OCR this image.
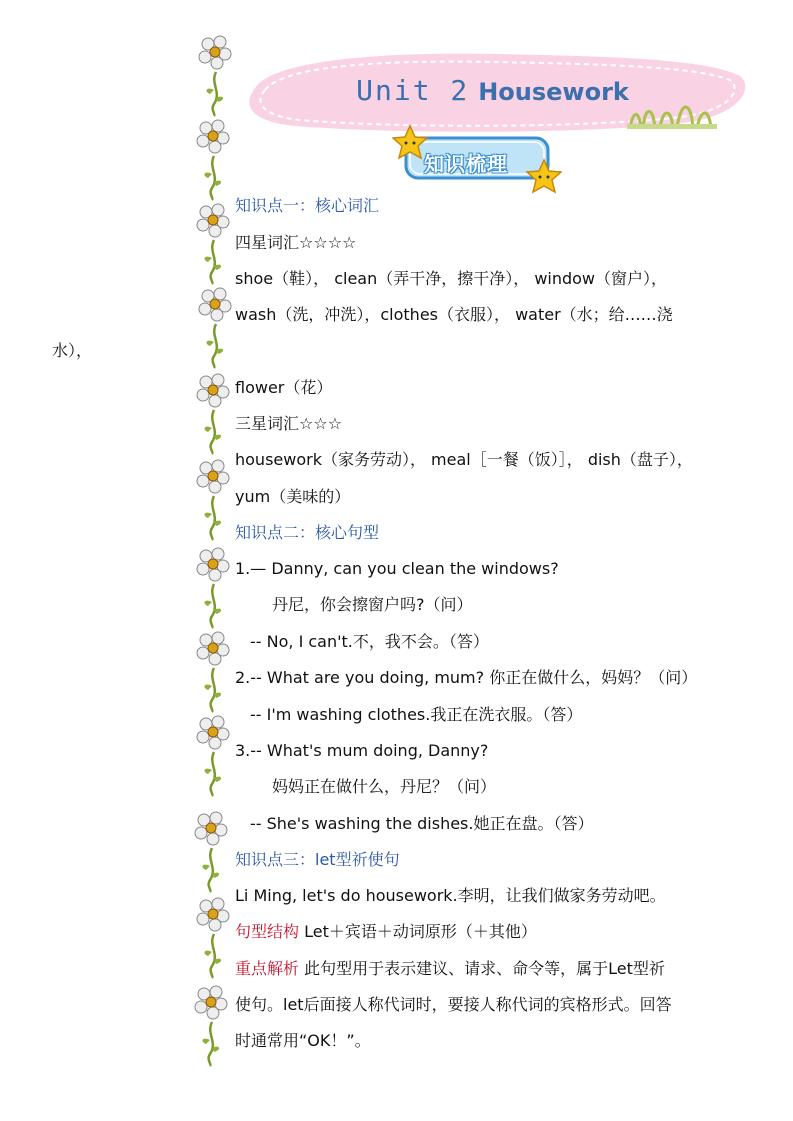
Unit 2 Housework
知识梳理
知识点一：核心词汇
四星词汇☆☆☆☆
shoe（鞋）， clean（弄干净，擦干净）， window（窗户），
wash（洗，冲洗），clothes（衣服）， water（水；给……浇
水），
flower（花）
三星词汇☆☆☆
housework（家务劳动）， meal［一餐（饭）］， dish（盘子），
yum（美味的）
知识点二：核心句型
1.— Danny, can you clean the windows?
丹尼，你会擦窗户吗?（问）
-- No, I can't.不，我不会。（答）
2.-- What are you doing, mum? 你正在做什么，妈妈？（问）
-- I'm washing clothes.我正在洗衣服。（答）
3.-- What's mum doing, Danny?
妈妈正在做什么，丹尼？（问）
-- She's washing the dishes.她正在盘。（答）
知识点三：let型祈使句
Li Ming, let's do housework.李明，让我们做家务劳动吧。
句型结构 Let＋宾语＋动词原形（＋其他）
重点解析 此句型用于表示建议、请求、命令等，属于Let型祈
使句。let后面接人称代词时，要接人称代词的宾格形式。回答
时通常用“OK！”。
